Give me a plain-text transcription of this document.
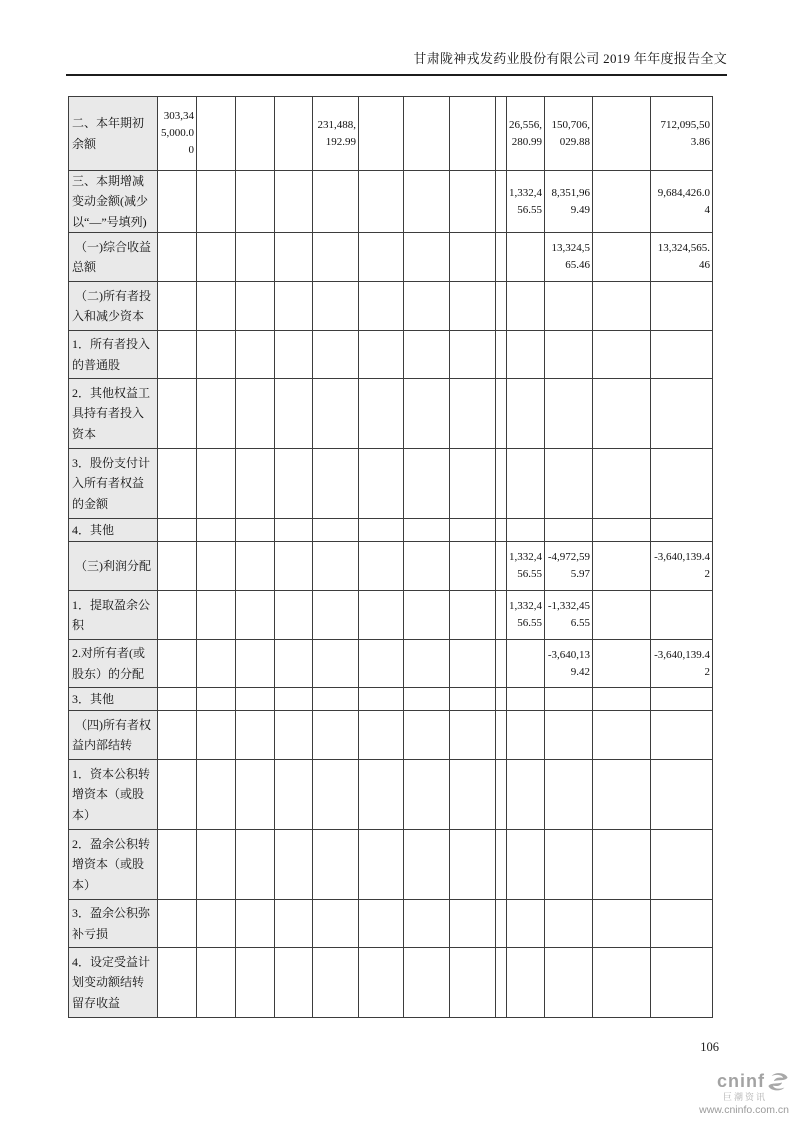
甘肃陇神戎发药业股份有限公司 2019 年年度报告全文
二、本年期初余额	303,345,000.00				231,488,192.99					26,556,280.99	150,706,029.88		712,095,503.86
三、本期增减变动金额(减少以“—”号填列)										1,332,456.55	8,351,969.49		9,684,426.04
（一)综合收益总额											13,324,565.46		13,324,565.46
（二)所有者投入和减少资本													
1．所有者投入的普通股													
2．其他权益工具持有者投入资本													
3．股份支付计入所有者权益的金额													
4．其他													
（三)利润分配										1,332,456.55	-4,972,595.97		-3,640,139.42
1．提取盈余公积										1,332,456.55	-1,332,456.55		
2.对所有者(或股东）的分配											-3,640,139.42		-3,640,139.42
3．其他													
（四)所有者权益内部结转													
1．资本公积转增资本（或股本）													
2．盈余公积转增资本（或股本）													
3．盈余公积弥补亏损													
4．设定受益计划变动额结转留存收益													
106
cninf
巨潮资讯
www.cninfo.com.cn
